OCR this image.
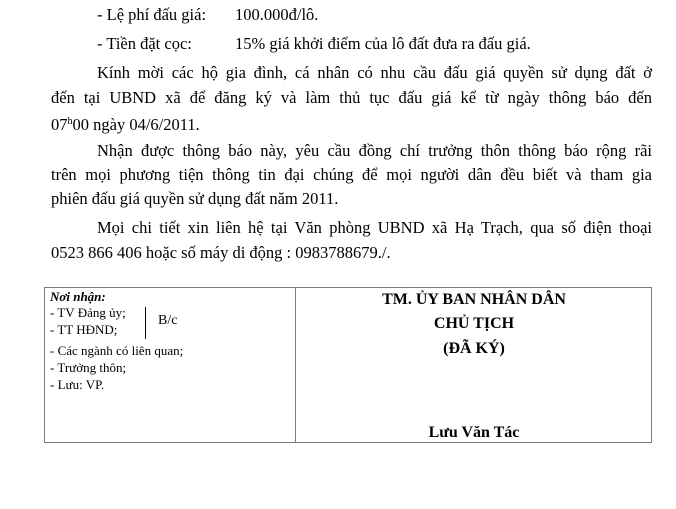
- Lệ phí đấu giá: 100.000đ/lô.
- Tiền đặt cọc:	15% giá khởi điểm của lô đất đưa ra đấu giá.
Kính mời các hộ gia đình, cá nhân có nhu cầu đấu giá quyền sử dụng đất ở
đến tại UBND xã để đăng ký và làm thủ tục đấu giá kể từ ngày thông báo đến
07$^h$00 ngày 04/6/2011.
Nhận được thông báo này, yêu cầu đồng chí trưởng thôn thông báo rộng rãi
trên mọi phương tiện thông tin đại chúng để mọi người dân đều biết và tham gia
phiên đấu giá quyền sử dụng đất năm 2011.
Mọi chi tiết xin liên hệ tại Văn phòng UBND xã Hạ Trạch, qua số điện thoại
0523 866 406 hoặc số máy di động : 0983788679./.
Nơi nhận:
- TV Đảng ủy;
- TT HĐND;
- Các ngành có liên quan;
- Trưởng thôn;
- Lưu: VP.
B/c
TM. ỦY BAN NHÂN DÂN
CHỦ TỊCH
(ĐÃ KÝ)
Lưu Văn Tác
